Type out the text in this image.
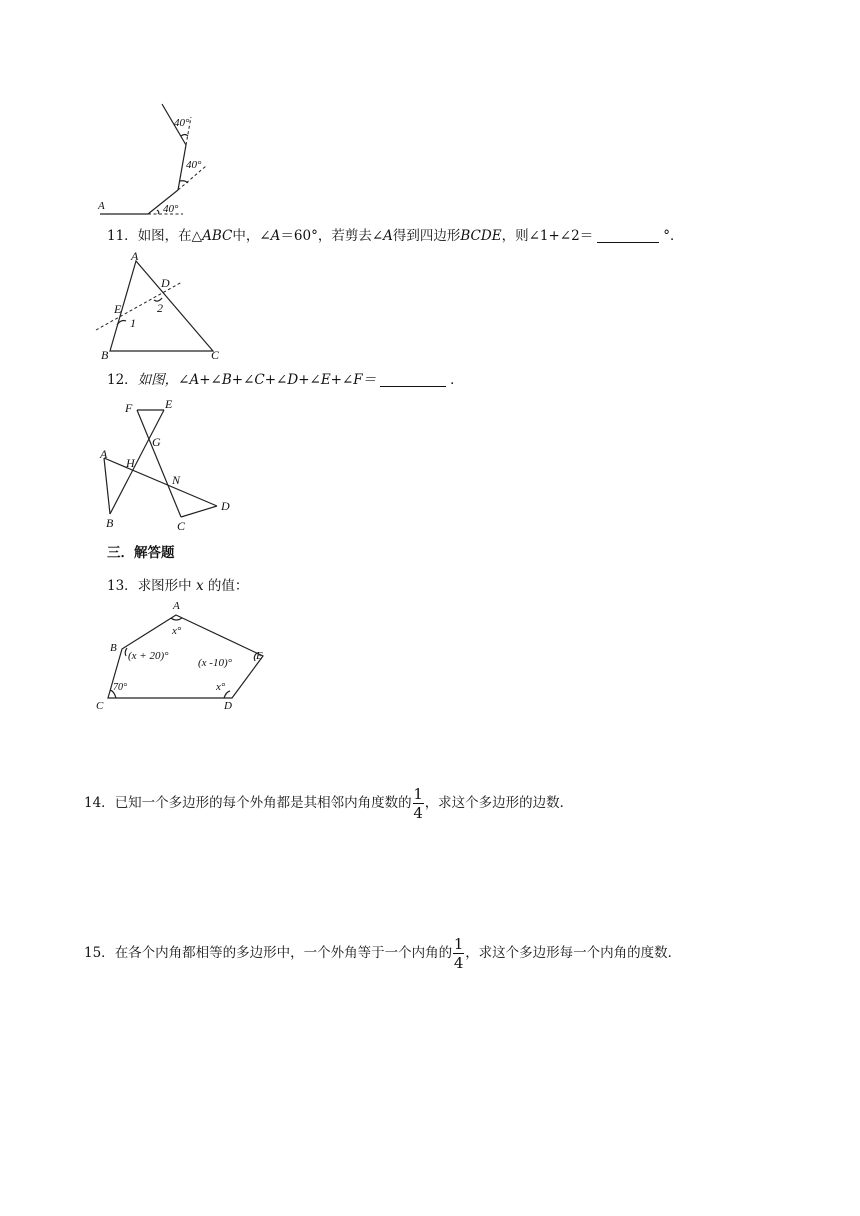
40°
40°
40°
A
11．如图，在△ABC中，∠A＝60°，若剪去∠A得到四边形BCDE，则∠1+∠2＝	°．
A
B	C
D
E
1
2
12．如图，∠A+∠B+∠C+∠D+∠E+∠F＝	．
F	E
G
A
H
N
D
B	C
三．解答题
13．求图形中 x 的值：
A
B
C	D
E
x°
(x + 20)°
70°	x°
(x -10)°
14．已知一个多边形的每个外角都是其相邻内角度数的 $\frac{1}{4}$ ，求这个多边形的边数．
15．在各个内角都相等的多边形中，一个外角等于一个内角的 $\frac{1}{4}$ ，求这个多边形每一个内角的度数．
